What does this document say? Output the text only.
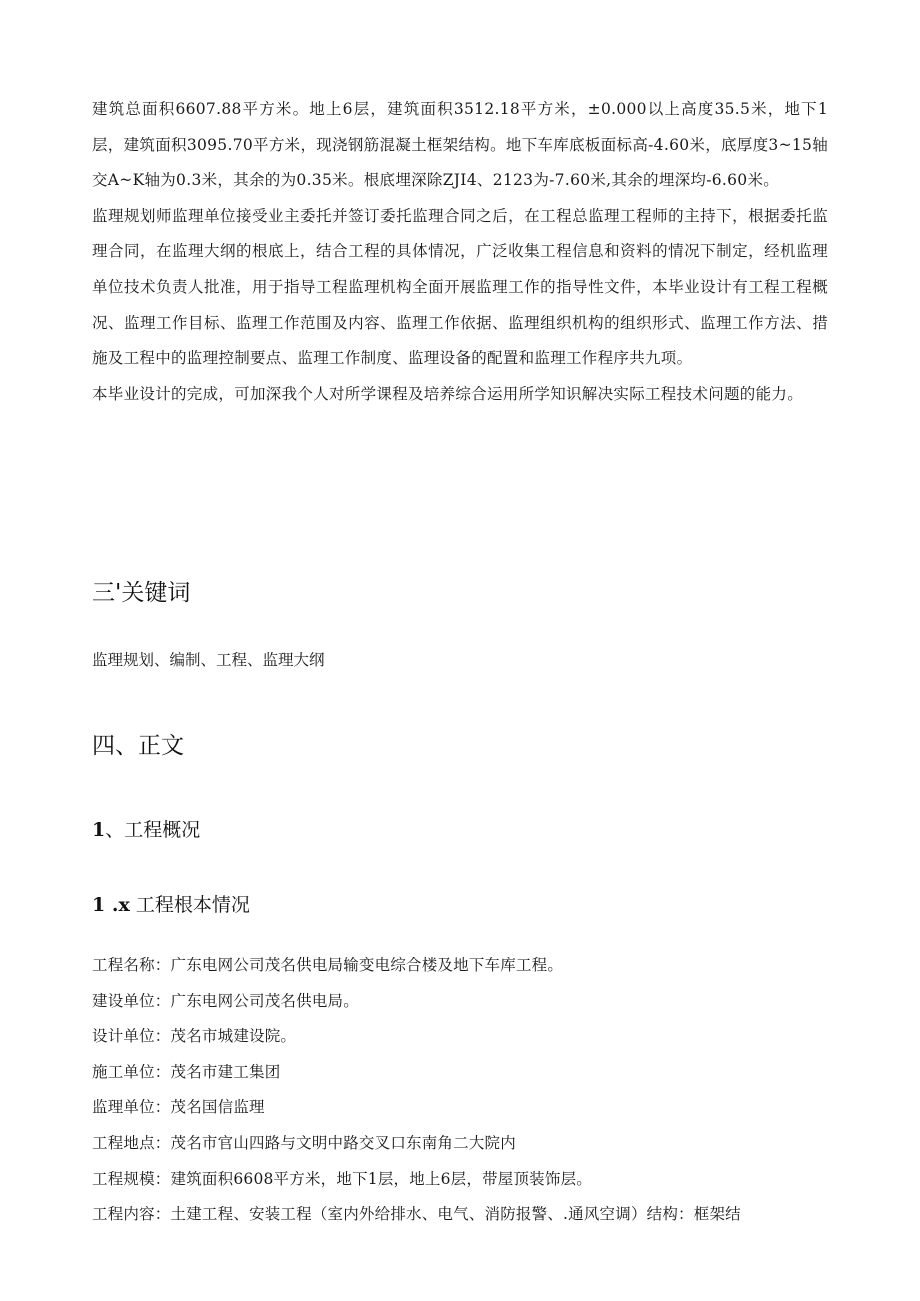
建筑总面积6607.88平方米。地上6层，建筑面积3512.18平方米，±0.000以上高度35.5米，地下1层，建筑面积3095.70平方米，现浇钢筋混凝土框架结构。地下车库底板面标高-4.60米，底厚度3~15轴交A~K轴为0.3米，其余的为0.35米。根底埋深除ZJI4、2123为-7.60米,其余的埋深均-6.60米。

监理规划师监理单位接受业主委托并签订委托监理合同之后，在工程总监理工程师的主持下，根据委托监理合同，在监理大纲的根底上，结合工程的具体情况，广泛收集工程信息和资料的情况下制定，经机监理单位技术负责人批准，用于指导工程监理机构全面开展监理工作的指导性文件，本毕业设计有工程工程概况、监理工作目标、监理工作范围及内容、监理工作依据、监理组织机构的组织形式、监理工作方法、措施及工程中的监理控制要点、监理工作制度、监理设备的配置和监理工作程序共九项。

本毕业设计的完成，可加深我个人对所学课程及培养综合运用所学知识解决实际工程技术问题的能力。

三'关键词

监理规划、编制、工程、监理大纲

四、正文
1、工程概况
1 .x 工程根本情况
工程名称：广东电网公司茂名供电局输变电综合楼及地下车库工程。
建设单位：广东电网公司茂名供电局。
设计单位：茂名市城建设院。
施工单位：茂名市建工集团
监理单位：茂名国信监理
工程地点：茂名市官山四路与文明中路交叉口东南角二大院内
工程规模：建筑面积6608平方米，地下1层，地上6层，带屋顶装饰层。
工程内容：土建工程、安装工程（室内外给排水、电气、消防报警、.通风空调）结构：框架结
